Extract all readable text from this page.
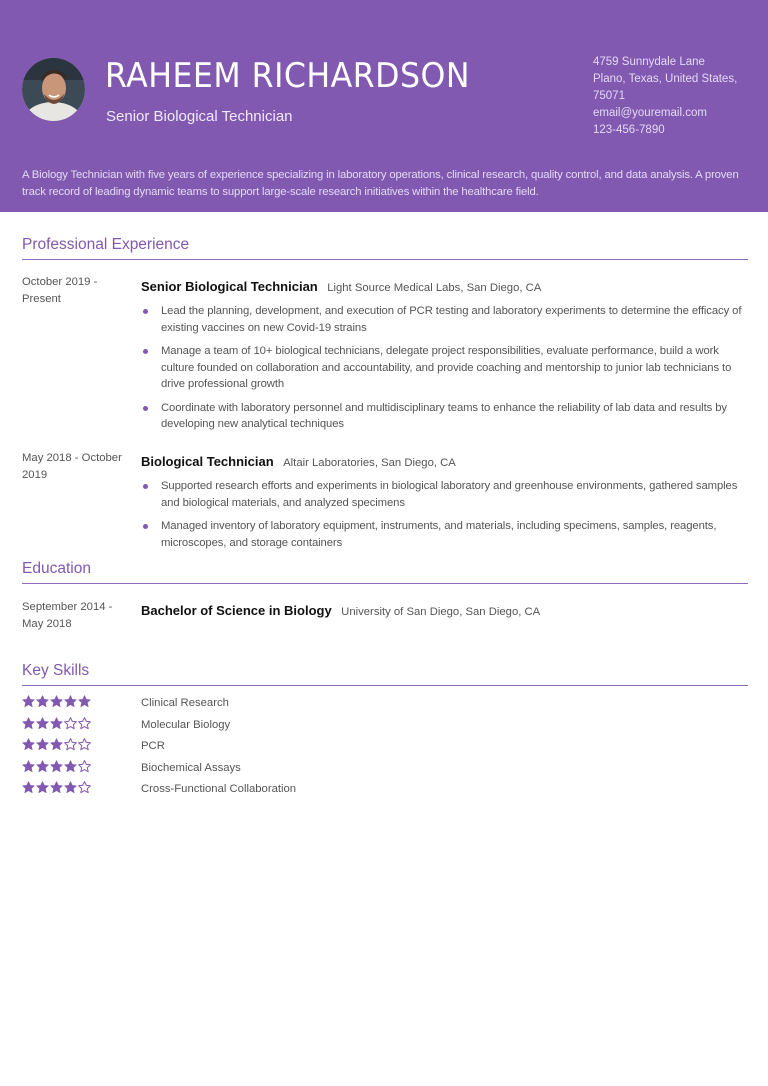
RAHEEM RICHARDSON
Senior Biological Technician
4759 Sunnydale Lane
Plano, Texas, United States,
75071
email@youremail.com
123-456-7890
A Biology Technician with five years of experience specializing in laboratory operations, clinical research, quality control, and data analysis. A proven track record of leading dynamic teams to support large-scale research initiatives within the healthcare field.
Professional Experience
October 2019 - Present
Senior Biological Technician Light Source Medical Labs, San Diego, CA
Lead the planning, development, and execution of PCR testing and laboratory experiments to determine the efficacy of existing vaccines on new Covid-19 strains
Manage a team of 10+ biological technicians, delegate project responsibilities, evaluate performance, build a work culture founded on collaboration and accountability, and provide coaching and mentorship to junior lab technicians to drive professional growth
Coordinate with laboratory personnel and multidisciplinary teams to enhance the reliability of lab data and results by developing new analytical techniques
May 2018 - October 2019
Biological Technician Altair Laboratories, San Diego, CA
Supported research efforts and experiments in biological laboratory and greenhouse environments, gathered samples and biological materials, and analyzed specimens
Managed inventory of laboratory equipment, instruments, and materials, including specimens, samples, reagents, microscopes, and storage containers
Education
September 2014 - May 2018
Bachelor of Science in Biology University of San Diego, San Diego, CA
Key Skills
Clinical Research
Molecular Biology
PCR
Biochemical Assays
Cross-Functional Collaboration
